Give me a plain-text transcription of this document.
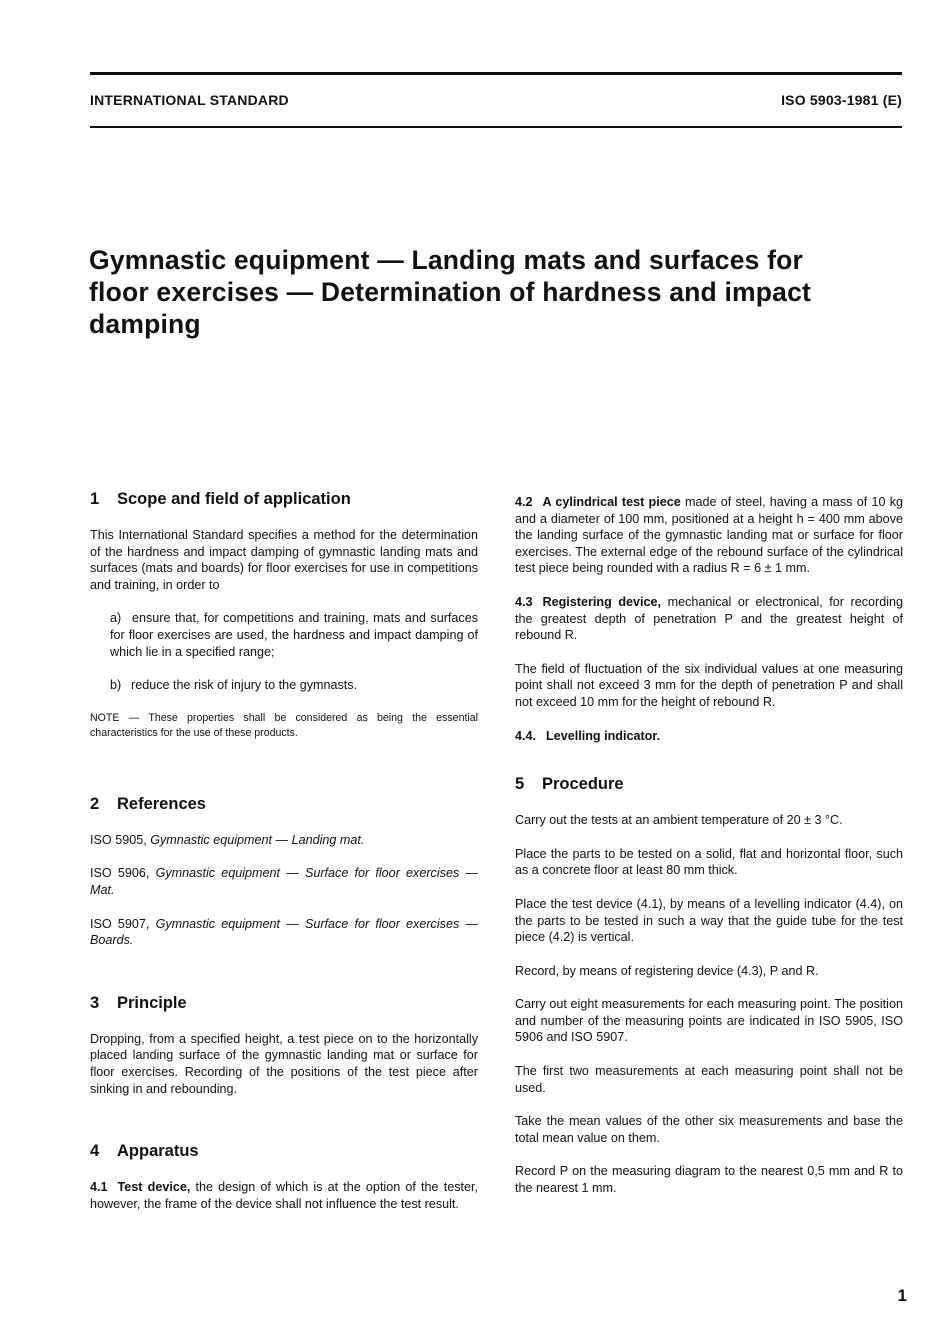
INTERNATIONAL STANDARD	ISO 5903-1981 (E)
Gymnastic equipment — Landing mats and surfaces for
floor exercises — Determination of hardness and impact
damping
1 Scope and field of application

This International Standard specifies a method for the determination of the hardness and impact damping of gymnastic landing mats and surfaces (mats and boards) for floor exercises for use in competitions and training, in order to

a)  ensure that, for competitions and training, mats and surfaces for floor exercises are used, the hardness and impact damping of which lie in a specified range;
b)  reduce the risk of injury to the gymnasts.

NOTE — These properties shall be considered as being the essential characteristics for the use of these products.

2 References

ISO 5905, Gymnastic equipment — Landing mat.

ISO 5906, Gymnastic equipment — Surface for floor exercises — Mat.

ISO 5907, Gymnastic equipment — Surface for floor exercises — Boards.

3 Principle

Dropping, from a specified height, a test piece on to the horizontally placed landing surface of the gymnastic landing mat or surface for floor exercises. Recording of the positions of the test piece after sinking in and rebounding.

4 Apparatus

4.1 Test device, the design of which is at the option of the tester, however, the frame of the device shall not influence the test result.

4.2 A cylindrical test piece made of steel, having a mass of 10 kg and a diameter of 100 mm, positioned at a height h = 400 mm above the landing surface of the gymnastic landing mat or surface for floor exercises. The external edge of the rebound surface of the cylindrical test piece being rounded with a radius R = 6 ± 1 mm.

4.3 Registering device, mechanical or electronical, for recording the greatest depth of penetration P and the greatest height of rebound R.

The field of fluctuation of the six individual values at one measuring point shall not exceed 3 mm for the depth of penetration P and shall not exceed 10 mm for the height of rebound R.

4.4. Levelling indicator.

5 Procedure

Carry out the tests at an ambient temperature of 20 ± 3 °C.

Place the parts to be tested on a solid, flat and horizontal floor, such as a concrete floor at least 80 mm thick.

Place the test device (4.1), by means of a levelling indicator (4.4), on the parts to be tested in such a way that the guide tube for the test piece (4.2) is vertical.

Record, by means of registering device (4.3), P and R.

Carry out eight measurements for each measuring point. The position and number of the measuring points are indicated in ISO 5905, ISO 5906 and ISO 5907.

The first two measurements at each measuring point shall not be used.

Take the mean values of the other six measurements and base the total mean value on them.

Record P on the measuring diagram to the nearest 0,5 mm and R to the nearest 1 mm.

1
